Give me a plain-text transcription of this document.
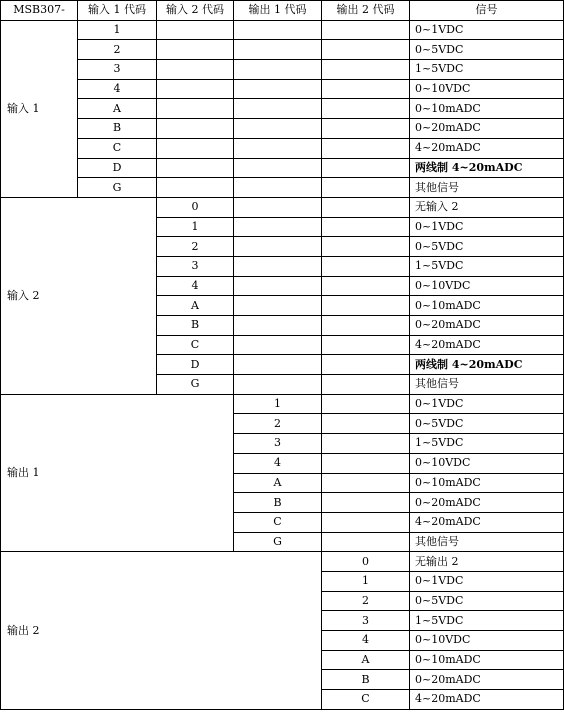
MSB307-	输入 1 代码	输入 2 代码	输出 1 代码	输出 2 代码	信号
输入 1	1				0~1VDC
	2				0~5VDC
	3				1~5VDC
	4				0~10VDC
	A				0~10mADC
	B				0~20mADC
	C				4~20mADC
	D				两线制 4~20mADC
	G				其他信号
输入 2		0			无输入 2
		1			0~1VDC
		2			0~5VDC
		3			1~5VDC
		4			0~10VDC
		A			0~10mADC
		B			0~20mADC
		C			4~20mADC
		D			两线制 4~20mADC
		G			其他信号
输出 1			1		0~1VDC
			2		0~5VDC
			3		1~5VDC
			4		0~10VDC
			A		0~10mADC
			B		0~20mADC
			C		4~20mADC
			G		其他信号
输出 2				0	无输出 2
				1	0~1VDC
				2	0~5VDC
				3	1~5VDC
				4	0~10VDC
				A	0~10mADC
				B	0~20mADC
				C	4~20mADC
